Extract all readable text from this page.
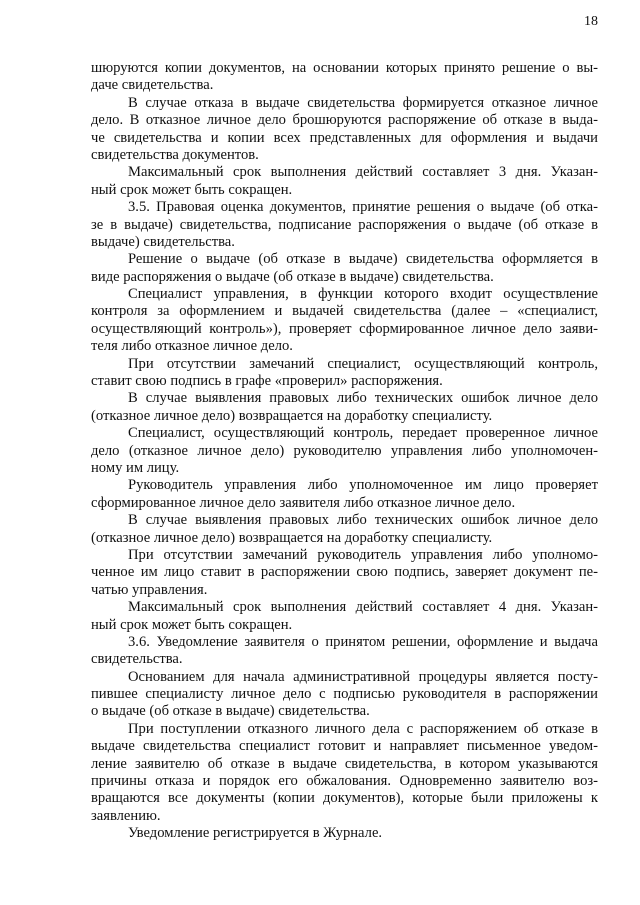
18

шюруются копии документов, на основании которых принято решение о вы-
даче свидетельства.

В случае отказа в выдаче свидетельства формируется отказное личное
дело. В отказное личное дело брошюруются распоряжение об отказе в выда-
че свидетельства и копии всех представленных для оформления и выдачи
свидетельства документов.

Максимальный срок выполнения действий составляет 3 дня. Указан-
ный срок может быть сокращен.

3.5. Правовая оценка документов, принятие решения о выдаче (об отка-
зе в выдаче) свидетельства, подписание распоряжения о выдаче (об отказе в
выдаче) свидетельства.

Решение о выдаче (об отказе в выдаче) свидетельства оформляется в
виде распоряжения о выдаче (об отказе в выдаче) свидетельства.

Специалист управления, в функции которого входит осуществление
контроля за оформлением и выдачей свидетельства (далее – «специалист,
осуществляющий контроль»), проверяет сформированное личное дело заяви-
теля либо отказное личное дело.

При отсутствии замечаний специалист, осуществляющий контроль,
ставит свою подпись в графе «проверил» распоряжения.

В случае выявления правовых либо технических ошибок личное дело
(отказное личное дело) возвращается на доработку специалисту.

Специалист, осуществляющий контроль, передает проверенное личное
дело (отказное личное дело) руководителю управления либо уполномочен-
ному им лицу.

Руководитель управления либо уполномоченное им лицо проверяет
сформированное личное дело заявителя либо отказное личное дело.

В случае выявления правовых либо технических ошибок личное дело
(отказное личное дело) возвращается на доработку специалисту.

При отсутствии замечаний руководитель управления либо уполномо-
ченное им лицо ставит в распоряжении свою подпись, заверяет документ пе-
чатью управления.

Максимальный срок выполнения действий составляет 4 дня. Указан-
ный срок может быть сокращен.

3.6. Уведомление заявителя о принятом решении, оформление и выдача
свидетельства.

Основанием для начала административной процедуры является посту-
пившее специалисту личное дело с подписью руководителя в распоряжении
о выдаче (об отказе в выдаче) свидетельства.

При поступлении отказного личного дела с распоряжением об отказе в
выдаче свидетельства специалист готовит и направляет письменное уведом-
ление заявителю об отказе в выдаче свидетельства, в котором указываются
причины отказа и порядок его обжалования. Одновременно заявителю воз-
вращаются все документы (копии документов), которые были приложены к
заявлению.

Уведомление регистрируется в Журнале.
